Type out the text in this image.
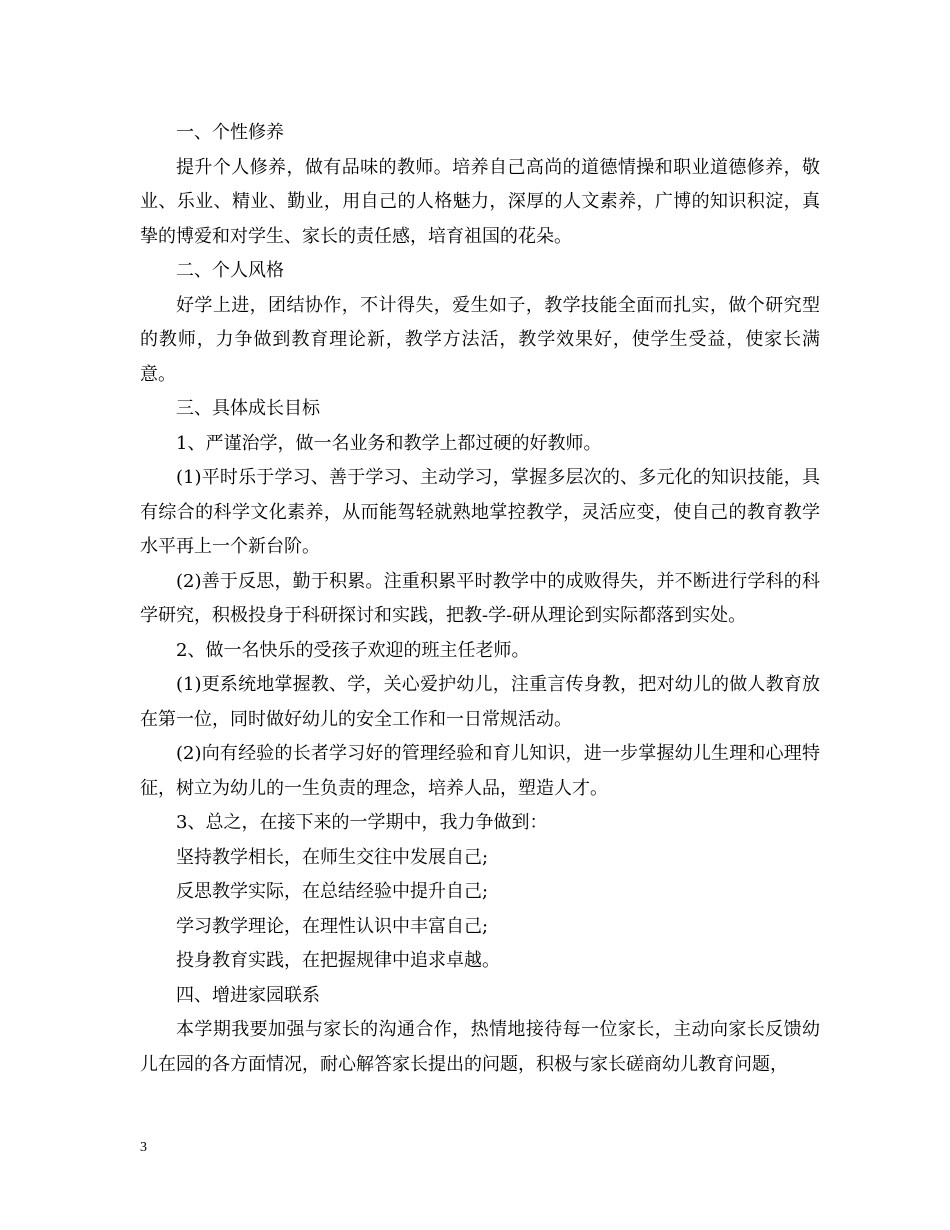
一、个性修养

提升个人修养，做有品味的教师。培养自己高尚的道德情操和职业道德修养，敬业、乐业、精业、勤业，用自己的人格魅力，深厚的人文素养，广博的知识积淀，真挚的博爱和对学生、家长的责任感，培育祖国的花朵。

二、个人风格

好学上进，团结协作，不计得失，爱生如子，教学技能全面而扎实，做个研究型的教师，力争做到教育理论新，教学方法活，教学效果好，使学生受益，使家长满意。

三、具体成长目标

1、严谨治学，做一名业务和教学上都过硬的好教师。

(1)平时乐于学习、善于学习、主动学习，掌握多层次的、多元化的知识技能，具有综合的科学文化素养，从而能驾轻就熟地掌控教学，灵活应变，使自己的教育教学水平再上一个新台阶。

(2)善于反思，勤于积累。注重积累平时教学中的成败得失，并不断进行学科的科学研究，积极投身于科研探讨和实践，把教-学-研从理论到实际都落到实处。

2、做一名快乐的受孩子欢迎的班主任老师。

(1)更系统地掌握教、学，关心爱护幼儿，注重言传身教，把对幼儿的做人教育放在第一位，同时做好幼儿的安全工作和一日常规活动。

(2)向有经验的长者学习好的管理经验和育儿知识，进一步掌握幼儿生理和心理特征，树立为幼儿的一生负责的理念，培养人品，塑造人才。

3、总之，在接下来的一学期中，我力争做到：

坚持教学相长，在师生交往中发展自己;

反思教学实际，在总结经验中提升自己;

学习教学理论，在理性认识中丰富自己;

投身教育实践，在把握规律中追求卓越。

四、增进家园联系

本学期我要加强与家长的沟通合作，热情地接待每一位家长，主动向家长反馈幼儿在园的各方面情况，耐心解答家长提出的问题，积极与家长磋商幼儿教育问题，

3
